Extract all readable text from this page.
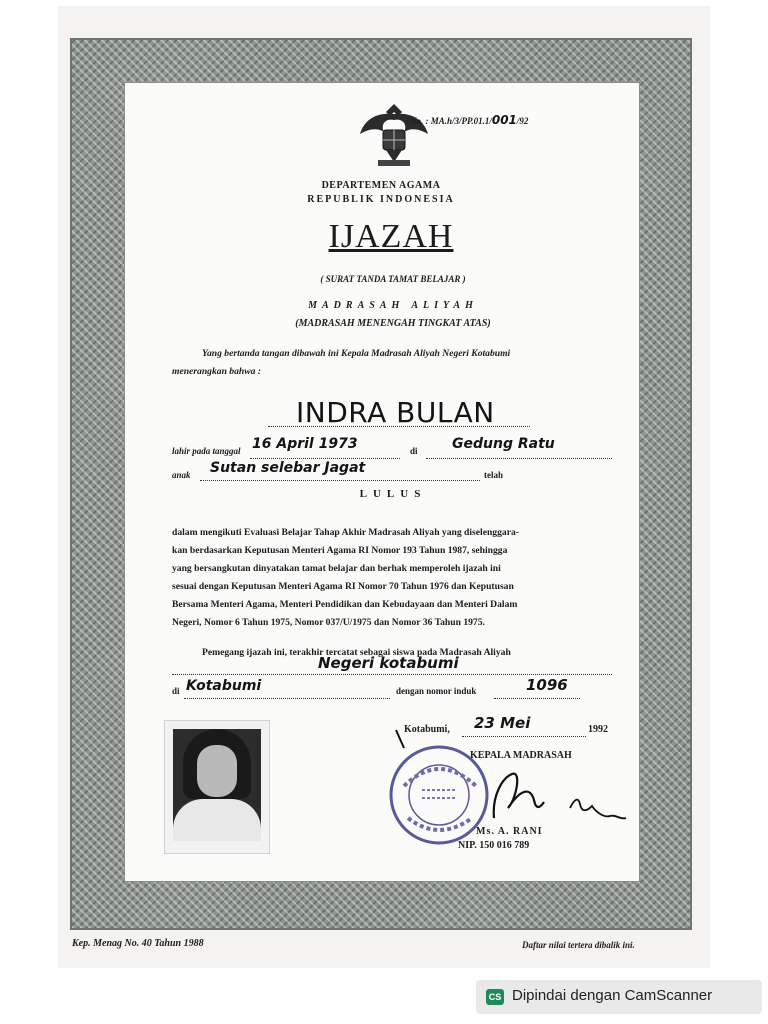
No. : MA.h/3/PP.01.1/001/92
DEPARTEMEN AGAMA
REPUBLIK INDONESIA
IJAZAH
( SURAT TANDA TAMAT BELAJAR )
MADRASAH ALIYAH
(MADRASAH MENENGAH TINGKAT ATAS)
Yang bertanda tangan dibawah ini Kepala Madrasah Aliyah Negeri Kotabumi
menerangkan bahwa :
INDRA BULAN
lahir pada tanggal 16 April 1973	di Gedung Ratu
anak Sutan selebar Jagat	telah
LULUS
dalam mengikuti Evaluasi Belajar Tahap Akhir Madrasah Aliyah yang diselenggara-
kan berdasarkan Keputusan Menteri Agama RI Nomor 193 Tahun 1987, sehingga
yang bersangkutan dinyatakan tamat belajar dan berhak memperoleh ijazah ini
sesuai dengan Keputusan Menteri Agama RI Nomor 70 Tahun 1976 dan Keputusan
Bersama Menteri Agama, Menteri Pendidikan dan Kebudayaan dan Menteri Dalam
Negeri, Nomor 6 Tahun 1975, Nomor 037/U/1975 dan Nomor 36 Tahun 1975.
Pemegang ijazah ini, terakhir tercatat sebagai siswa pada Madrasah Aliyah
Negeri kotabumi
di Kotabumi	dengan nomor induk	1096
Kotabumi, 23 Mei	1992
KEPALA MADRASAH
Ms. A. RANI
NIP. 150 016 789
Kep. Menag No. 40 Tahun 1988	Daftar nilai tertera dibalik ini.
CS Dipindai dengan CamScanner
